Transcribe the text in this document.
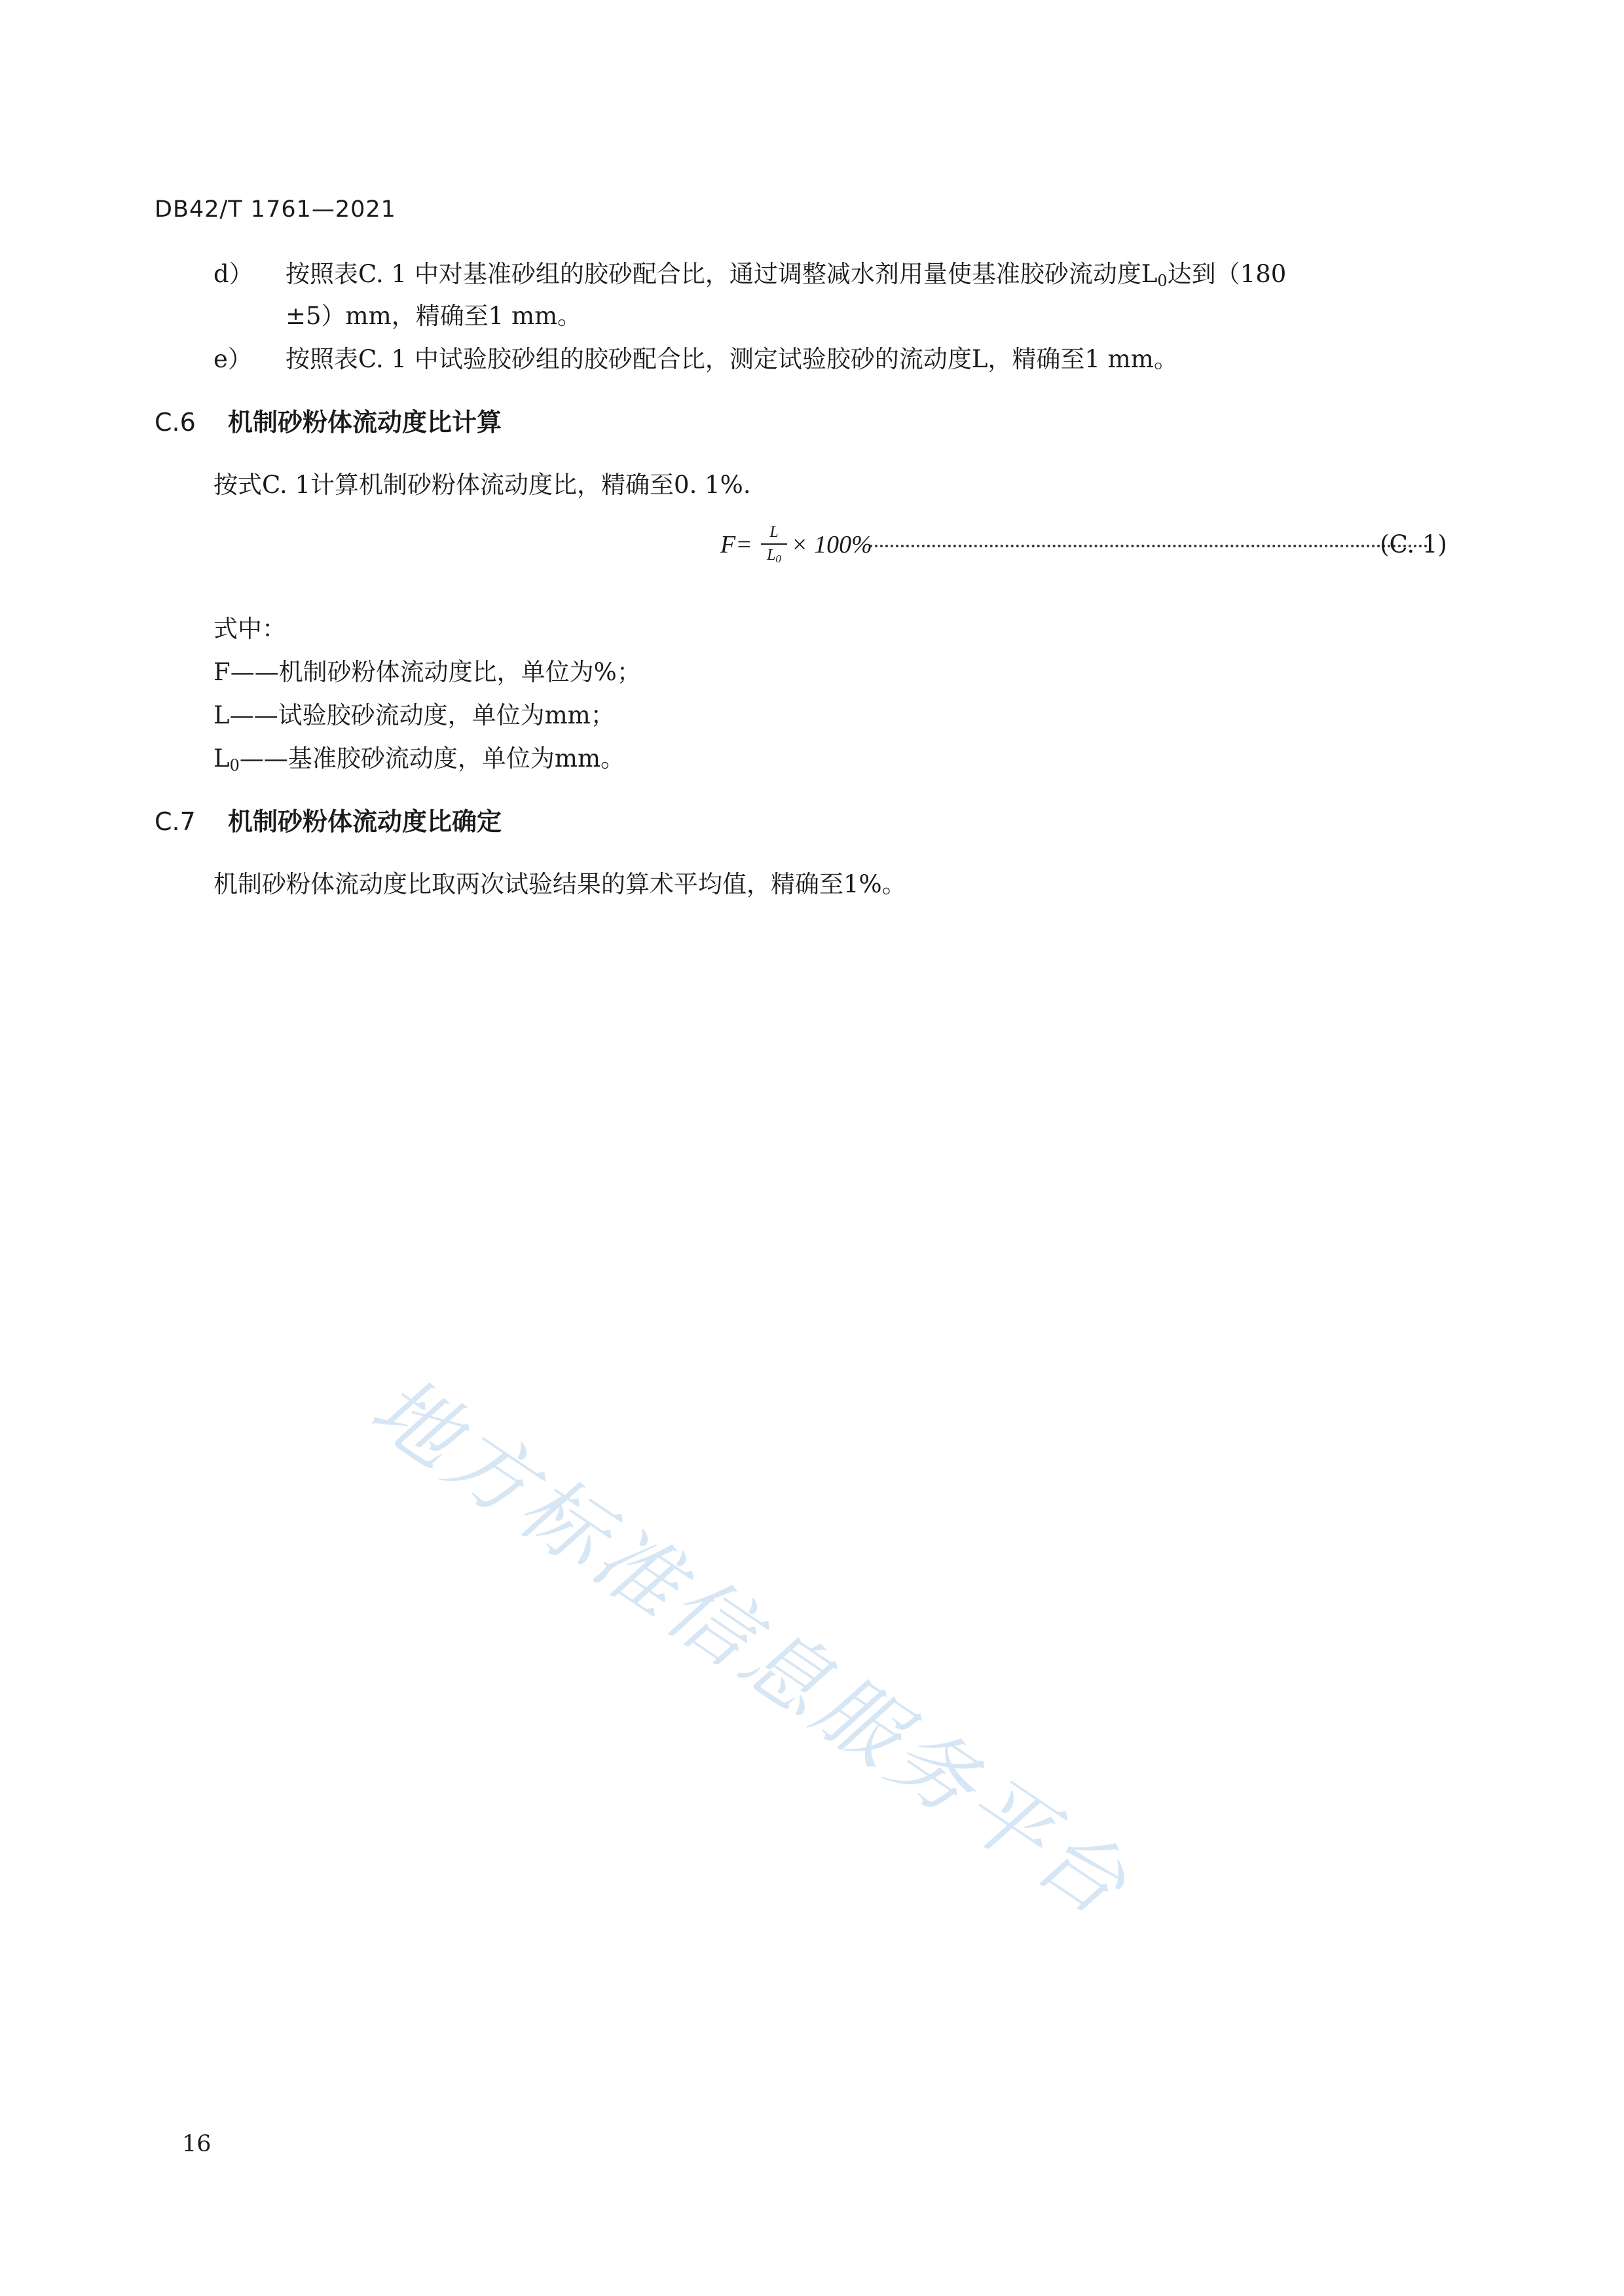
DB42/T 1761—2021
d） 按照表C. 1 中对基准砂组的胶砂配合比，通过调整减水剂用量使基准胶砂流动度L0达到（180
±5）mm，精确至1 mm。
e） 按照表C. 1 中试验胶砂组的胶砂配合比，测定试验胶砂的流动度L，精确至1 mm。
C.6 机制砂粉体流动度比计算
按式C. 1计算机制砂粉体流动度比，精确至0. 1%.
F=	L
$L_0$
× 100%	(C. 1)
式中：
F——机制砂粉体流动度比，单位为%；
L——试验胶砂流动度，单位为mm；
L0——基准胶砂流动度，单位为mm。
C.7 机制砂粉体流动度比确定
机制砂粉体流动度比取两次试验结果的算术平均值，精确至1%。
地方标准信息服务平台
16
